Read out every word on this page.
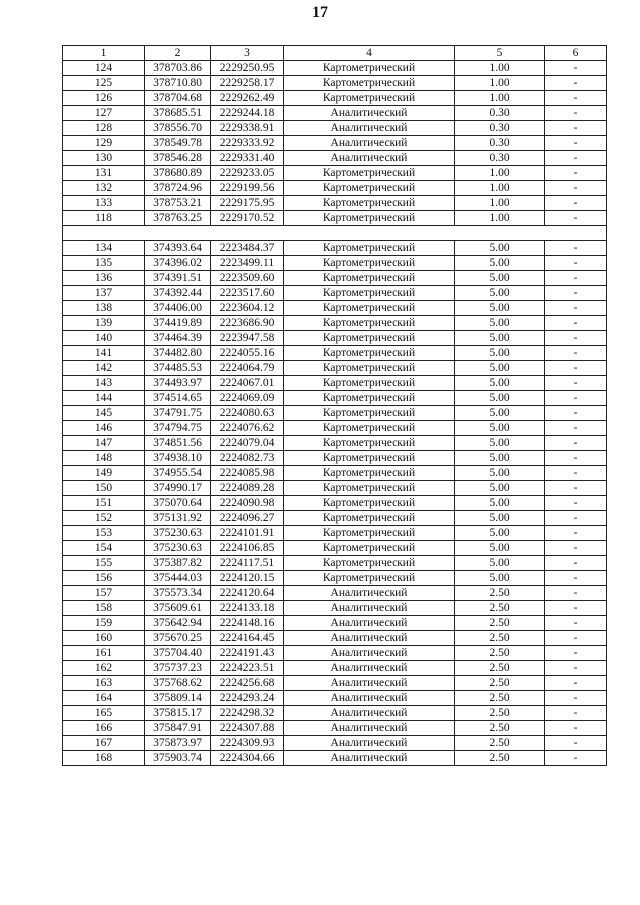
17
1	2	3	4	5	6
124	378703.86	2229250.95	Картометрический	1.00	-
125	378710.80	2229258.17	Картометрический	1.00	-
126	378704.68	2229262.49	Картометрический	1.00	-
127	378685.51	2229244.18	Аналитический	0.30	-
128	378556.70	2229338.91	Аналитический	0.30	-
129	378549.78	2229333.92	Аналитический	0.30	-
130	378546.28	2229331.40	Аналитический	0.30	-
131	378680.89	2229233.05	Картометрический	1.00	-
132	378724.96	2229199.56	Картометрический	1.00	-
133	378753.21	2229175.95	Картометрический	1.00	-
118	378763.25	2229170.52	Картометрический	1.00	-

134	374393.64	2223484.37	Картометрический	5.00	-
135	374396.02	2223499.11	Картометрический	5.00	-
136	374391.51	2223509.60	Картометрический	5.00	-
137	374392.44	2223517.60	Картометрический	5.00	-
138	374406.00	2223604.12	Картометрический	5.00	-
139	374419.89	2223686.90	Картометрический	5.00	-
140	374464.39	2223947.58	Картометрический	5.00	-
141	374482.80	2224055.16	Картометрический	5.00	-
142	374485.53	2224064.79	Картометрический	5.00	-
143	374493.97	2224067.01	Картометрический	5.00	-
144	374514.65	2224069.09	Картометрический	5.00	-
145	374791.75	2224080.63	Картометрический	5.00	-
146	374794.75	2224076.62	Картометрический	5.00	-
147	374851.56	2224079.04	Картометрический	5.00	-
148	374938.10	2224082.73	Картометрический	5.00	-
149	374955.54	2224085.98	Картометрический	5.00	-
150	374990.17	2224089.28	Картометрический	5.00	-
151	375070.64	2224090.98	Картометрический	5.00	-
152	375131.92	2224096.27	Картометрический	5.00	-
153	375230.63	2224101.91	Картометрический	5.00	-
154	375230.63	2224106.85	Картометрический	5.00	-
155	375387.82	2224117.51	Картометрический	5.00	-
156	375444.03	2224120.15	Картометрический	5.00	-
157	375573.34	2224120.64	Аналитический	2.50	-
158	375609.61	2224133.18	Аналитический	2.50	-
159	375642.94	2224148.16	Аналитический	2.50	-
160	375670.25	2224164.45	Аналитический	2.50	-
161	375704.40	2224191.43	Аналитический	2.50	-
162	375737.23	2224223.51	Аналитический	2.50	-
163	375768.62	2224256.68	Аналитический	2.50	-
164	375809.14	2224293.24	Аналитический	2.50	-
165	375815.17	2224298.32	Аналитический	2.50	-
166	375847.91	2224307.88	Аналитический	2.50	-
167	375873.97	2224309.93	Аналитический	2.50	-
168	375903.74	2224304.66	Аналитический	2.50	-
